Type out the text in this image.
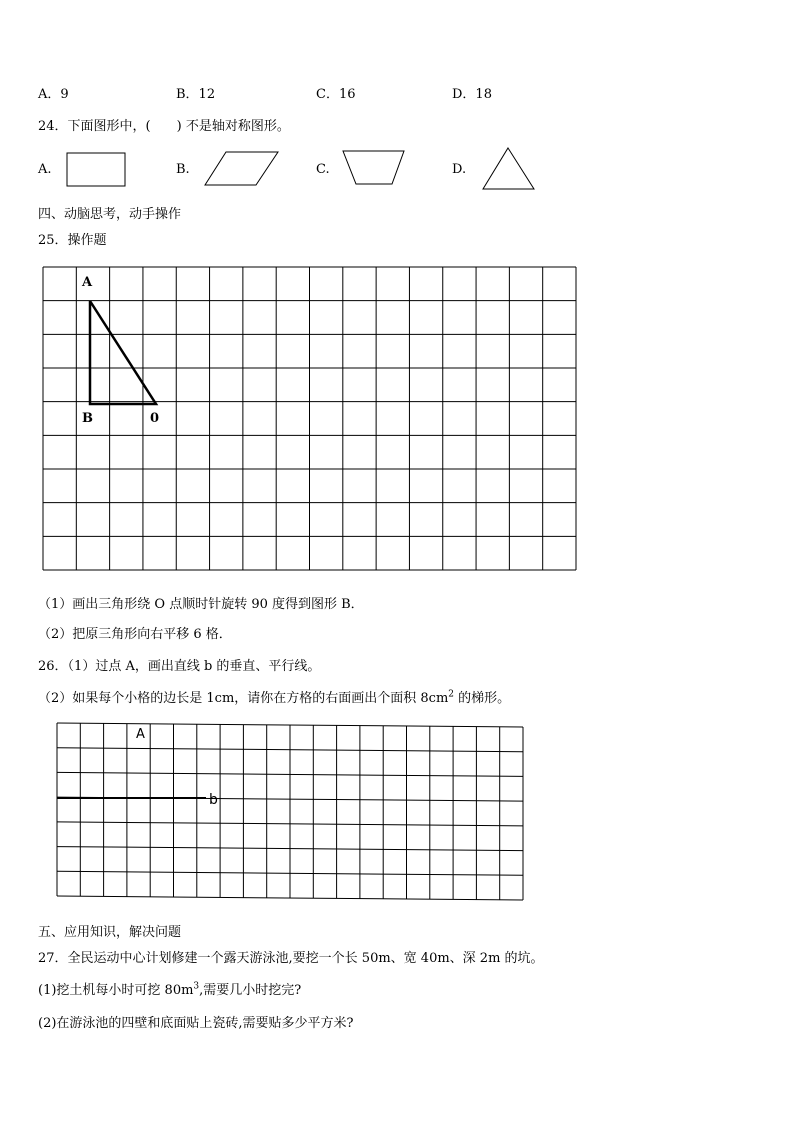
A．9	B．12	C．16	D．18
24．下面图形中，(　　) 不是轴对称图形。
A.	B.	C.	D.
四、动脑思考，动手操作
25．操作题
A
B	0
（1）画出三角形绕 O 点顺时针旋转 90 度得到图形 B．
（2）把原三角形向右平移 6 格．
26．（1）过点 A，画出直线 b 的垂直、平行线。
（2）如果每个小格的边长是 1cm，请你在方格的右面画出个面积 $8cm^2$ 的梯形。
A
b
五、应用知识，解决问题
27．全民运动中心计划修建一个露天游泳池,要挖一个长 50m、宽 40m、深 2m 的坑。
(1)挖土机每小时可挖 $80m^3$,需要几小时挖完?
(2)在游泳池的四壁和底面贴上瓷砖,需要贴多少平方米?
